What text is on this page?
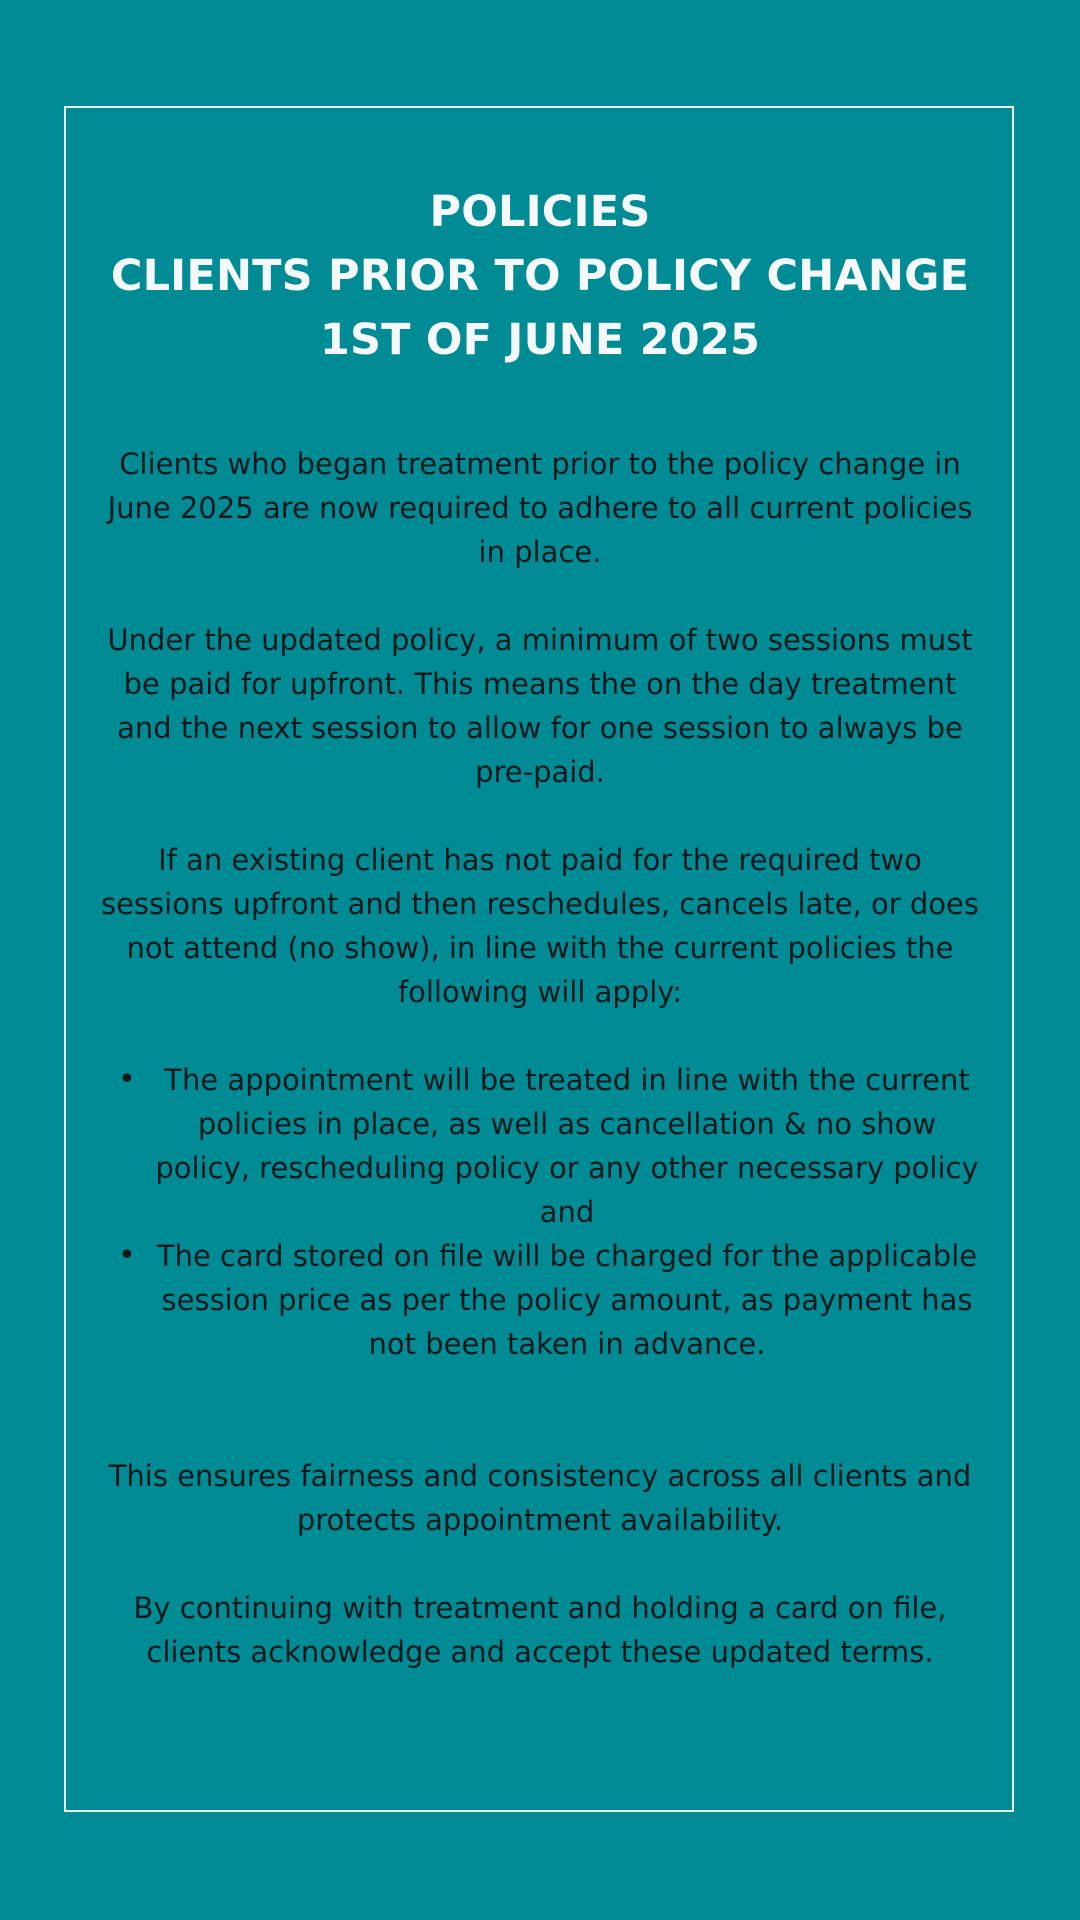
POLICIES
CLIENTS PRIOR TO POLICY CHANGE
1ST OF JUNE 2025

Clients who began treatment prior to the policy change in June 2025 are now required to adhere to all current policies in place.

Under the updated policy, a minimum of two sessions must be paid for upfront. This means the on the day treatment and the next session to allow for one session to always be pre-paid.

If an existing client has not paid for the required two sessions upfront and then reschedules, cancels late, or does not attend (no show), in line with the current policies the following will apply:

• The appointment will be treated in line with the current policies in place, as well as cancellation & no show policy, rescheduling policy or any other necessary policy and
• The card stored on file will be charged for the applicable session price as per the policy amount, as payment has not been taken in advance.

This ensures fairness and consistency across all clients and protects appointment availability.

By continuing with treatment and holding a card on file, clients acknowledge and accept these updated terms.
